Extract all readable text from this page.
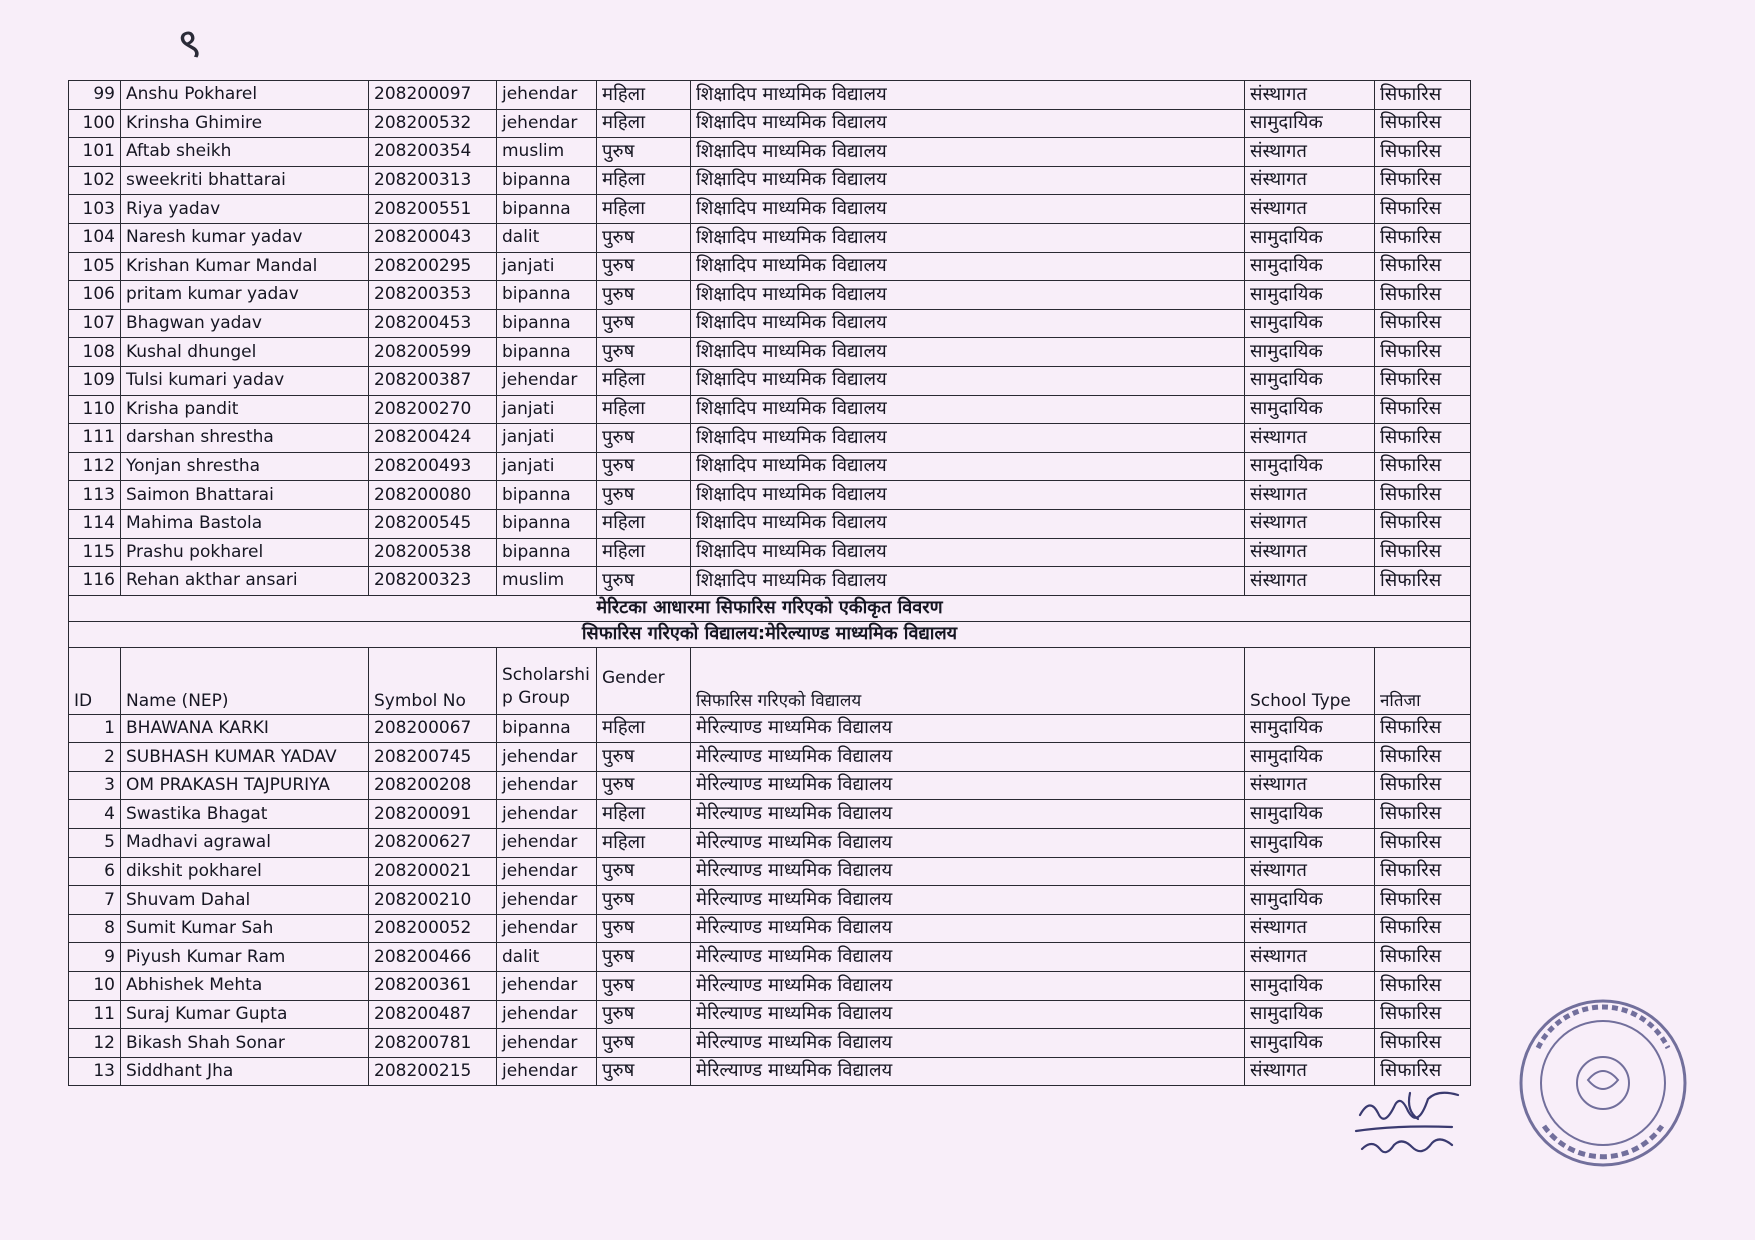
९
99	Anshu Pokharel	208200097	jehendar	महिला	शिक्षादिप माध्यमिक विद्यालय	संस्थागत	सिफारिस
100	Krinsha Ghimire	208200532	jehendar	महिला	शिक्षादिप माध्यमिक विद्यालय	सामुदायिक	सिफारिस
101	Aftab sheikh	208200354	muslim	पुरुष	शिक्षादिप माध्यमिक विद्यालय	संस्थागत	सिफारिस
102	sweekriti bhattarai	208200313	bipanna	महिला	शिक्षादिप माध्यमिक विद्यालय	संस्थागत	सिफारिस
103	Riya yadav	208200551	bipanna	महिला	शिक्षादिप माध्यमिक विद्यालय	संस्थागत	सिफारिस
104	Naresh kumar yadav	208200043	dalit	पुरुष	शिक्षादिप माध्यमिक विद्यालय	सामुदायिक	सिफारिस
105	Krishan Kumar Mandal	208200295	janjati	पुरुष	शिक्षादिप माध्यमिक विद्यालय	सामुदायिक	सिफारिस
106	pritam kumar yadav	208200353	bipanna	पुरुष	शिक्षादिप माध्यमिक विद्यालय	सामुदायिक	सिफारिस
107	Bhagwan yadav	208200453	bipanna	पुरुष	शिक्षादिप माध्यमिक विद्यालय	सामुदायिक	सिफारिस
108	Kushal dhungel	208200599	bipanna	पुरुष	शिक्षादिप माध्यमिक विद्यालय	सामुदायिक	सिफारिस
109	Tulsi kumari yadav	208200387	jehendar	महिला	शिक्षादिप माध्यमिक विद्यालय	सामुदायिक	सिफारिस
110	Krisha pandit	208200270	janjati	महिला	शिक्षादिप माध्यमिक विद्यालय	सामुदायिक	सिफारिस
111	darshan shrestha	208200424	janjati	पुरुष	शिक्षादिप माध्यमिक विद्यालय	संस्थागत	सिफारिस
112	Yonjan shrestha	208200493	janjati	पुरुष	शिक्षादिप माध्यमिक विद्यालय	सामुदायिक	सिफारिस
113	Saimon Bhattarai	208200080	bipanna	पुरुष	शिक्षादिप माध्यमिक विद्यालय	संस्थागत	सिफारिस
114	Mahima Bastola	208200545	bipanna	महिला	शिक्षादिप माध्यमिक विद्यालय	संस्थागत	सिफारिस
115	Prashu pokharel	208200538	bipanna	महिला	शिक्षादिप माध्यमिक विद्यालय	संस्थागत	सिफारिस
116	Rehan akthar ansari	208200323	muslim	पुरुष	शिक्षादिप माध्यमिक विद्यालय	संस्थागत	सिफारिस
मेरिटका आधारमा सिफारिस गरिएको एकीकृत विवरण							
सिफारिस गरिएको विद्यालय:मेरिल्याण्ड माध्यमिक विद्यालय							
ID	Name (NEP)	Symbol No	Scholarship Group	Gender	सिफारिस गरिएको विद्यालय	School Type	नतिजा
1	BHAWANA KARKI	208200067	bipanna	महिला	मेरिल्याण्ड माध्यमिक विद्यालय	सामुदायिक	सिफारिस
2	SUBHASH KUMAR YADAV	208200745	jehendar	पुरुष	मेरिल्याण्ड माध्यमिक विद्यालय	सामुदायिक	सिफारिस
3	OM PRAKASH TAJPURIYA	208200208	jehendar	पुरुष	मेरिल्याण्ड माध्यमिक विद्यालय	संस्थागत	सिफारिस
4	Swastika Bhagat	208200091	jehendar	महिला	मेरिल्याण्ड माध्यमिक विद्यालय	सामुदायिक	सिफारिस
5	Madhavi agrawal	208200627	jehendar	महिला	मेरिल्याण्ड माध्यमिक विद्यालय	सामुदायिक	सिफारिस
6	dikshit pokharel	208200021	jehendar	पुरुष	मेरिल्याण्ड माध्यमिक विद्यालय	संस्थागत	सिफारिस
7	Shuvam Dahal	208200210	jehendar	पुरुष	मेरिल्याण्ड माध्यमिक विद्यालय	सामुदायिक	सिफारिस
8	Sumit Kumar Sah	208200052	jehendar	पुरुष	मेरिल्याण्ड माध्यमिक विद्यालय	संस्थागत	सिफारिस
9	Piyush Kumar Ram	208200466	dalit	पुरुष	मेरिल्याण्ड माध्यमिक विद्यालय	संस्थागत	सिफारिस
10	Abhishek Mehta	208200361	jehendar	पुरुष	मेरिल्याण्ड माध्यमिक विद्यालय	सामुदायिक	सिफारिस
11	Suraj Kumar Gupta	208200487	jehendar	पुरुष	मेरिल्याण्ड माध्यमिक विद्यालय	सामुदायिक	सिफारिस
12	Bikash Shah Sonar	208200781	jehendar	पुरुष	मेरिल्याण्ड माध्यमिक विद्यालय	सामुदायिक	सिफारिस
13	Siddhant Jha	208200215	jehendar	पुरुष	मेरिल्याण्ड माध्यमिक विद्यालय	संस्थागत	सिफारिस
